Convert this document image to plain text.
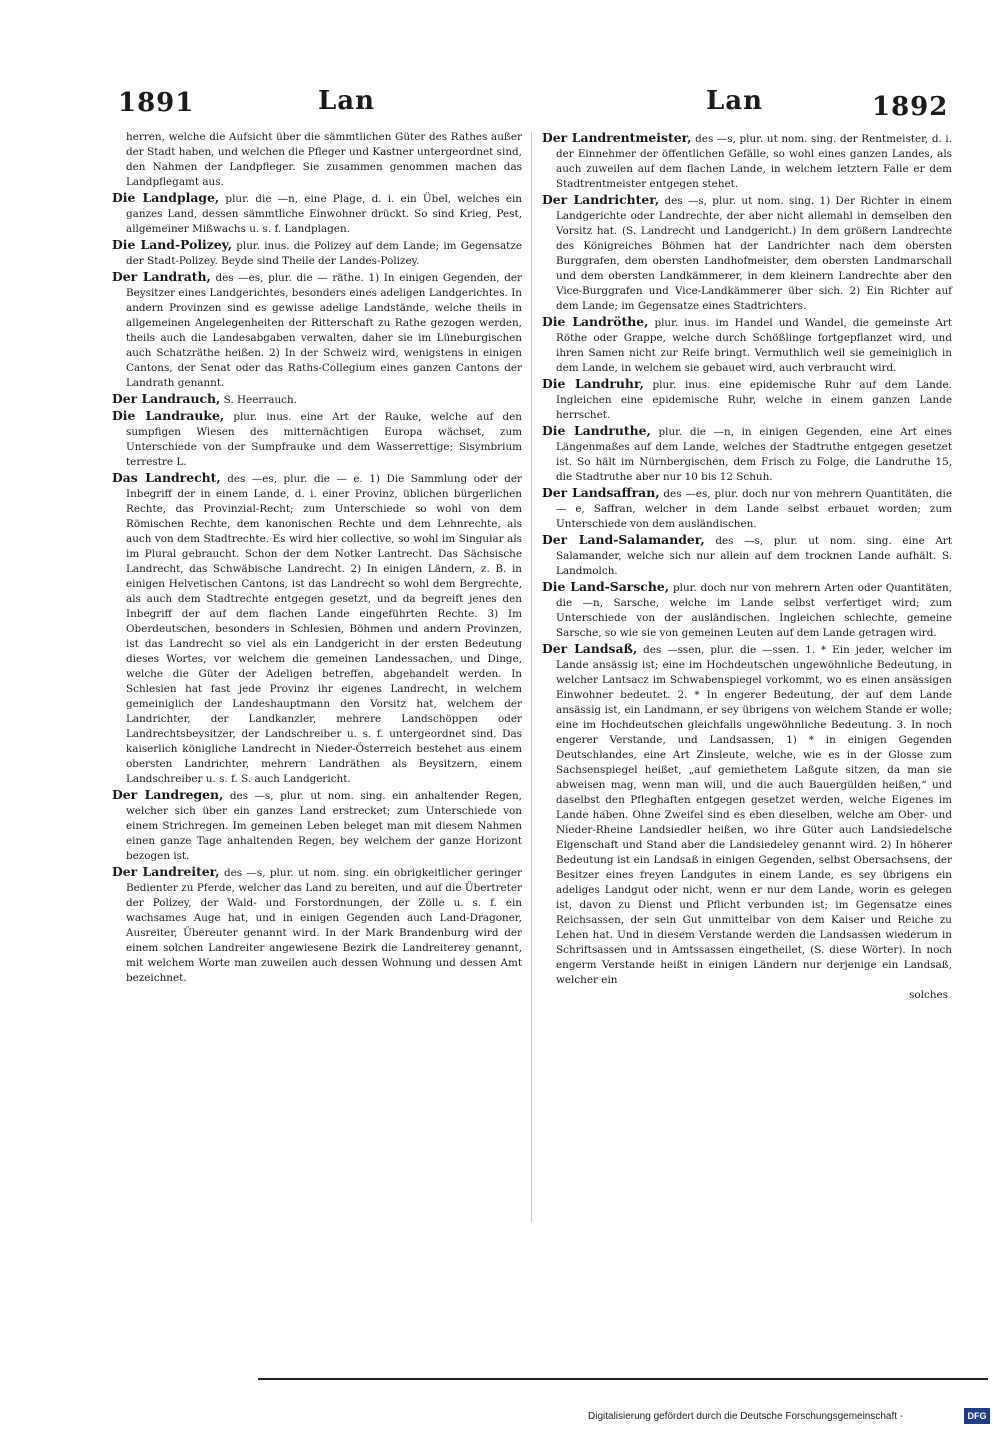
1891	Lan	Lan	1892

herren, welche die Aufsicht über die sämmtlichen Güter des Rathes außer der Stadt haben, und welchen die Pfleger und Kastner untergeordnet sind, den Nahmen der Landpfleger. Sie zusammen genommen machen das Landpflegamt aus.

Die Landplage, plur. die —n, eine Plage, d. i. ein Übel, welches ein ganzes Land, dessen sämmtliche Einwohner drückt. So sind Krieg, Pest, allgemeiner Mißwachs u. s. f. Landplagen.

Die Land-Polizey, plur. inus. die Polizey auf dem Lande; im Gegensatze der Stadt-Polizey. Beyde sind Theile der Landes-Polizey.

Der Landrath, des —es, plur. die — räthe. 1) In einigen Gegenden, der Beysitzer eines Landgerichtes, besonders eines adeligen Landgerichtes. In andern Provinzen sind es gewisse adelige Landstände, welche theils in allgemeinen Angelegenheiten der Ritterschaft zu Rathe gezogen werden, theils auch die Landesabgaben verwalten, daher sie im Lüneburgischen auch Schatzräthe heißen. 2) In der Schweiz wird, wenigstens in einigen Cantons, der Senat oder das Raths-Collegium eines ganzen Cantons der Landrath genannt.

Der Landrauch, S. Heerrauch.

Die Landrauke, plur. inus. eine Art der Rauke, welche auf den sumpfigen Wiesen des mitternächtigen Europa wächset, zum Unterschiede von der Sumpfrauke und dem Wasserrettige; Sisymbrium terrestre L.

Das Landrecht, des —es, plur. die — e. 1) Die Sammlung oder der Inbegriff der in einem Lande, d. i. einer Provinz, üblichen bürgerlichen Rechte, das Provinzial-Recht; zum Unterschiede so wohl von dem Römischen Rechte, dem kanonischen Rechte und dem Lehnrechte, als auch von dem Stadtrechte. Es wird hier collective, so wohl im Singular als im Plural gebraucht. Schon der dem Notker Lantrecht. Das Sächsische Landrecht, das Schwäbische Landrecht. 2) In einigen Ländern, z. B. in einigen Helvetischen Cantons, ist das Landrecht so wohl dem Bergrechte, als auch dem Stadtrechte entgegen gesetzt, und da begreift jenes den Inbegriff der auf dem flachen Lande eingeführten Rechte. 3) Im Oberdeutschen, besonders in Schlesien, Böhmen und andern Provinzen, ist das Landrecht so viel als ein Landgericht in der ersten Bedeutung dieses Wortes, vor welchem die gemeinen Landessachen, und Dinge, welche die Güter der Adeligen betreffen, abgehandelt werden. In Schlesien hat fast jede Provinz ihr eigenes Landrecht, in welchem gemeiniglich der Landeshauptmann den Vorsitz hat, welchem der Landrichter, der Landkanzler, mehrere Landschöppen oder Landrechtsbeysitzer, der Landschreiber u. s. f. untergeordnet sind. Das kaiserlich königliche Landrecht in Nieder-Österreich bestehet aus einem obersten Landrichter, mehrern Landräthen als Beysitzern, einem Landschreiber u. s. f. S. auch Landgericht.

Der Landregen, des —s, plur. ut nom. sing. ein anhaltender Regen, welcher sich über ein ganzes Land erstrecket; zum Unterschiede von einem Strichregen. Im gemeinen Leben beleget man mit diesem Nahmen einen ganze Tage anhaltenden Regen, bey welchem der ganze Horizont bezogen ist.

Der Landreiter, des —s, plur. ut nom. sing. ein obrigkeitlicher geringer Bedienter zu Pferde, welcher das Land zu bereiten, und auf die Übertreter der Polizey, der Wald- und Forstordnungen, der Zölle u. s. f. ein wachsames Auge hat, und in einigen Gegenden auch Land-Dragoner, Ausreiter, Übereuter genannt wird. In der Mark Brandenburg wird der einem solchen Landreiter angewiesene Bezirk die Landreiterey genannt, mit welchem Worte man zuweilen auch dessen Wohnung und dessen Amt bezeichnet.

Der Landrentmeister, des —s, plur. ut nom. sing. der Rentmeister, d. i. der Einnehmer der öffentlichen Gefälle, so wohl eines ganzen Landes, als auch zuweilen auf dem flachen Lande, in welchem letztern Falle er dem Stadtrentmeister entgegen stehet.

Der Landrichter, des —s, plur. ut nom. sing. 1) Der Richter in einem Landgerichte oder Landrechte, der aber nicht allemahl in demselben den Vorsitz hat. (S. Landrecht und Landgericht.) In dem größern Landrechte des Königreiches Böhmen hat der Landrichter nach dem obersten Burggrafen, dem obersten Landhofmeister, dem obersten Landmarschall und dem obersten Landkämmerer, in dem kleinern Landrechte aber den Vice-Burggrafen und Vice-Landkämmerer über sich. 2) Ein Richter auf dem Lande; im Gegensatze eines Stadtrichters.

Die Landröthe, plur. inus. im Handel und Wandel, die gemeinste Art Röthe oder Grappe, welche durch Schößlinge fortgepflanzet wird, und ihren Samen nicht zur Reife bringt. Vermuthlich weil sie gemeiniglich in dem Lande, in welchem sie gebauet wird, auch verbraucht wird.

Die Landruhr, plur. inus. eine epidemische Ruhr auf dem Lande. Ingleichen eine epidemische Ruhr, welche in einem ganzen Lande herrschet.

Die Landruthe, plur. die —n, in einigen Gegenden, eine Art eines Längenmaßes auf dem Lande, welches der Stadtruthe entgegen gesetzet ist. So hält im Nürnbergischen, dem Frisch zu Folge, die Landruthe 15, die Stadtruthe aber nur 10 bis 12 Schuh.

Der Landsaffran, des —es, plur. doch nur von mehrern Quantitäten, die — e, Saffran, welcher in dem Lande selbst erbauet worden; zum Unterschiede von dem ausländischen.

Der Land-Salamander, des —s, plur. ut nom. sing. eine Art Salamander, welche sich nur allein auf dem trocknen Lande aufhält. S. Landmolch.

Die Land-Sarsche, plur. doch nur von mehrern Arten oder Quantitäten, die —n, Sarsche, welche im Lande selbst verfertiget wird; zum Unterschiede von der ausländischen. Ingleichen schlechte, gemeine Sarsche, so wie sie von gemeinen Leuten auf dem Lande getragen wird.

Der Landsaß, des —ssen, plur. die —ssen. 1. * Ein jeder, welcher im Lande ansässig ist; eine im Hochdeutschen ungewöhnliche Bedeutung, in welcher Lantsacz im Schwabenspiegel vorkommt, wo es einen ansässigen Einwohner bedeutet. 2. * In engerer Bedeutung, der auf dem Lande ansässig ist, ein Landmann, er sey übrigens von welchem Stande er wolle; eine im Hochdeutschen gleichfalls ungewöhnliche Bedeutung. 3. In noch engerer Verstande, und Landsassen, 1) * in einigen Gegenden Deutschlandes, eine Art Zinsleute, welche, wie es in der Glosse zum Sachsenspiegel heißet, „auf gemiethetem Laßgute sitzen, da man sie abweisen mag, wenn man will, und die auch Bauergülden heißen,“ und daselbst den Pfleghaften entgegen gesetzet werden, welche Eigenes im Lande haben. Ohne Zweifel sind es eben dieselben, welche am Ober- und Nieder-Rheine Landsiedler heißen, wo ihre Güter auch Landsiedelsche Eigenschaft und Stand aber die Landsiedeley genannt wird. 2) In höherer Bedeutung ist ein Landsaß in einigen Gegenden, selbst Obersachsens, der Besitzer eines freyen Landgutes in einem Lande, es sey übrigens ein adeliges Landgut oder nicht, wenn er nur dem Lande, worin es gelegen ist, davon zu Dienst und Pflicht verbunden ist; im Gegensatze eines Reichsassen, der sein Gut unmittelbar von dem Kaiser und Reiche zu Lehen hat. Und in diesem Verstande werden die Landsassen wiederum in Schriftsassen und in Amtssassen eingetheilet, (S. diese Wörter). In noch engerm Verstande heißt in einigen Ländern nur derjenige ein Landsaß, welcher ein

solches

Digitalisierung gefördert durch die Deutsche Forschungsgemeinschaft -	DFG
